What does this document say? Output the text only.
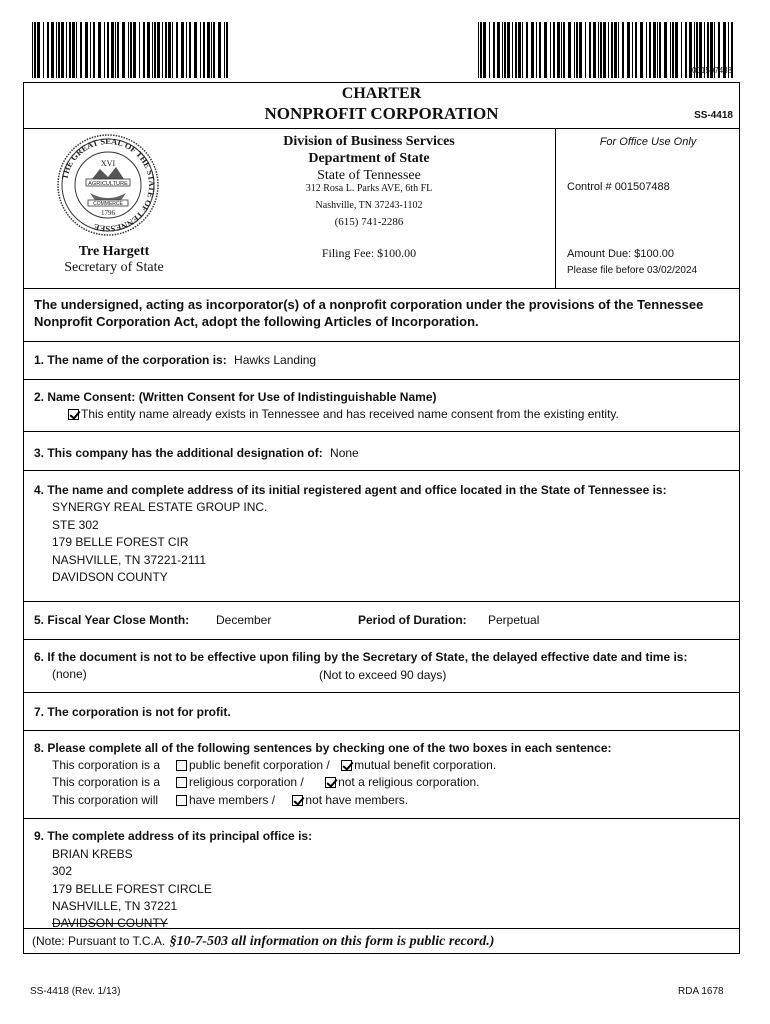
001507488
CHARTER
NONPROFIT CORPORATION	SS-4418
Division of Business Services
Department of State
State of Tennessee
312 Rosa L. Parks AVE, 6th FL
Nashville, TN 37243-1102
(615) 741-2286
Filing Fee: $100.00
Tre Hargett
Secretary of State
For Office Use Only
Control # 001507488
Amount Due: $100.00
Please file before 03/02/2024
The undersigned, acting as incorporator(s) of a nonprofit corporation under the provisions of the Tennessee Nonprofit Corporation Act, adopt the following Articles of Incorporation.
1. The name of the corporation is: Hawks Landing
2. Name Consent: (Written Consent for Use of Indistinguishable Name)
This entity name already exists in Tennessee and has received name consent from the existing entity.
3. This company has the additional designation of: None
4. The name and complete address of its initial registered agent and office located in the State of Tennessee is:
SYNERGY REAL ESTATE GROUP INC.
STE 302
179 BELLE FOREST CIR
NASHVILLE, TN 37221-2111
DAVIDSON COUNTY
5. Fiscal Year Close Month: December	Period of Duration: Perpetual
6. If the document is not to be effective upon filing by the Secretary of State, the delayed effective date and time is:
(none)	(Not to exceed 90 days)
7. The corporation is not for profit.
8. Please complete all of the following sentences by checking one of the two boxes in each sentence:
This corporation is a public benefit corporation / mutual benefit corporation.
This corporation is a religious corporation /	not a religious corporation.
This corporation will	have members /	not have members.
9. The complete address of its principal office is:
BRIAN KREBS
302
179 BELLE FOREST CIRCLE
NASHVILLE, TN 37221
DAVIDSON COUNTY
(Note: Pursuant to T.C.A. §10-7-503 all information on this form is public record.)
THE GREAT SEAL OF THE STATE OF TENNESSEE
XVI
AGRICULTURE
COMMERCE
1796
SS-4418 (Rev. 1/13)	RDA 1678
